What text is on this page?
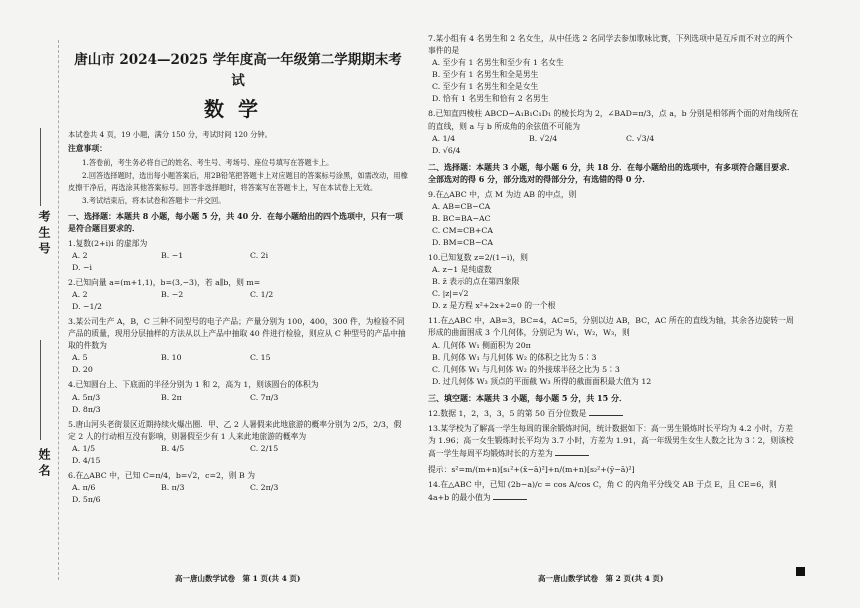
考生号
姓名
唐山市 2024—2025 学年度高一年级第二学期期末考试
数学
本试卷共 4 页，19 小题，满分 150 分，考试时间 120 分钟。
注意事项：
1.答卷前，考生务必将自己的姓名、考生号、考场号、座位号填写在答题卡上。
2.回答选择题时，选出每小题答案后，用2B铅笔把答题卡上对应题目的答案标号涂黑，如需改动，用橡皮擦干净后，再选涂其他答案标号。回答非选择题时，将答案写在答题卡上，写在本试卷上无效。
3.考试结束后，将本试卷和答题卡一并交回。
一、选择题：本题共 8 小题，每小题 5 分，共 40 分．在每小题给出的四个选项中，只有一项是符合题目要求的．
1.复数(2+i)i 的虚部为
A. 2	B. −1	C. 2i
D. −i
2.已知向量 a=(m+1,1)，b=(3,−3)，若 a∥b，则 m=
A. 2	B. −2	C. 1/2
D. −1/2
3.某公司生产 A，B，C 三种不同型号的电子产品；产量分别为 100，400，300 件，为检验不同产品的质量，现用分层抽样的方法从以上产品中抽取 40 件进行检验，则应从 C 种型号的产品中抽取的件数为
A. 5	B. 10	C. 15
D. 20
4.已知圆台上、下底面的半径分别为 1 和 2，高为 1，则该圆台的体积为
A. 5π/3	B. 2π	C. 7π/3
D. 8π/3
5.唐山河头老街景区近期持续火爆出圈．甲、乙 2 人暑假来此地旅游的概率分别为 2/5，2/3，假定 2 人的行动相互没有影响，则暑假至少有 1 人来此地旅游的概率为
A. 1/5	B. 4/5	C. 2/15
D. 4/15
6.在△ABC 中，已知 C=π/4，b=√2，c=2，则 B 为
A. π/6	B. π/3	C. 2π/3
D. 5π/6
7.某小组有 4 名男生和 2 名女生，从中任选 2 名同学去参加歌咏比赛，下列选项中是互斥而不对立的两个事件的是
A. 至少有 1 名男生和至少有 1 名女生
B. 至少有 1 名男生和全是男生
C. 至少有 1 名男生和全是女生
D. 恰有 1 名男生和恰有 2 名男生
8.已知直四棱柱 ABCD−A₁B₁C₁D₁ 的棱长均为 2，∠BAD=π/3，点 a，b 分别是相邻两个面的对角线所在的直线，则 a 与 b 所成角的余弦值不可能为
A. 1/4	B. √2/4	C. √3/4
D. √6/4
二、选择题：本题共 3 小题，每小题 6 分，共 18 分．在每小题给出的选项中，有多项符合题目要求．全部选对的得 6 分，部分选对的得部分分，有选错的得 0 分．
9.在△ABC 中，点 M 为边 AB 的中点，则
A. AB=CB−CA
B. BC=BA−AC
C. CM=CB+CA
D. BM=CB−CA
10.已知复数 z=2/(1−i)，则
A. z−1 是纯虚数
B. z̄ 表示的点在第四象限
C. |z|=√2
D. z 是方程 x²+2x+2=0 的一个根
11.在△ABC 中，AB=3，BC=4，AC=5，分别以边 AB，BC，AC 所在的直线为轴，其余各边旋转一周形成的曲面围成 3 个几何体，分别记为 W₁，W₂，W₃，则
A. 几何体 W₁ 侧面积为 20π
B. 几何体 W₁ 与几何体 W₂ 的体积之比为 5∶3
C. 几何体 W₁ 与几何体 W₂ 的外接球半径之比为 5∶3
D. 过几何体 W₃ 顶点的平面截 W₃ 所得的截面面积最大值为 12
三、填空题：本题共 3 小题，每小题 5 分，共 15 分．
12.数据 1，2，3，3，5 的第 50 百分位数是
13.某学校为了解高一学生每周的课余锻炼时间，统计数据如下：高一男生锻炼时长平均为 4.2 小时，方差为 1.96；高一女生锻炼时长平均为 3.7 小时，方差为 1.91，高一年级男生女生人数之比为 3∶2，则该校高一学生每周平均锻炼时长的方差为
提示：s²=m/(m+n)[s₁²+(x̄−ā)²]+n/(m+n)[s₂²+(ȳ−ā)²]
14.在△ABC 中，已知 (2b−a)/c = cos A/cos C，角 C 的内角平分线交 AB 于点 E，且 CE=6，则 4a+b 的最小值为
高一唐山数学试卷　第 1 页(共 4 页)	高一唐山数学试卷　第 2 页(共 4 页)
